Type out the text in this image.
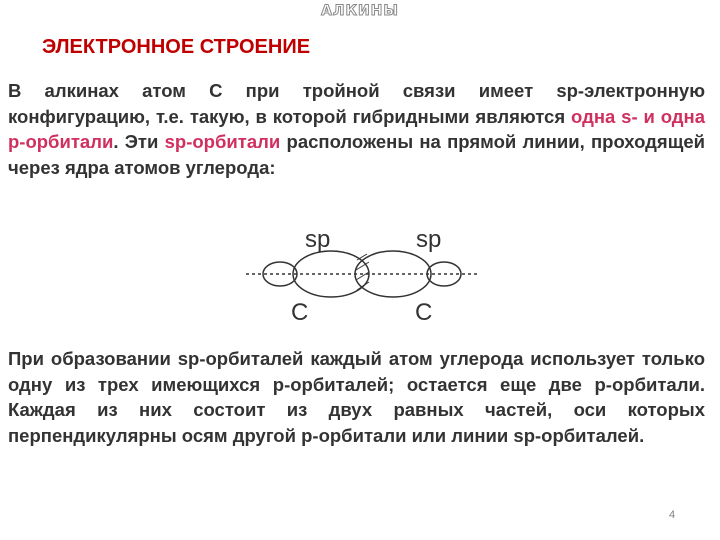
АЛКИНЫ
ЭЛЕКТРОННОЕ СТРОЕНИЕ

В алкинах атом С при тройной связи имеет sp-электронную конфигурацию, т.е. такую, в которой гибридными являются одна s- и одна p-орбитали. Эти sp-орбитали расположены на прямой линии, проходящей через ядра атомов углерода:

sp	sp
C	C

При образовании sp-орбиталей каждый атом углерода использует только одну из трех имеющихся p-орбиталей; остается еще две p-орбитали. Каждая из них состоит из двух равных частей, оси которых перпендикулярны осям другой p-орбитали или линии sp-орбиталей.

4
